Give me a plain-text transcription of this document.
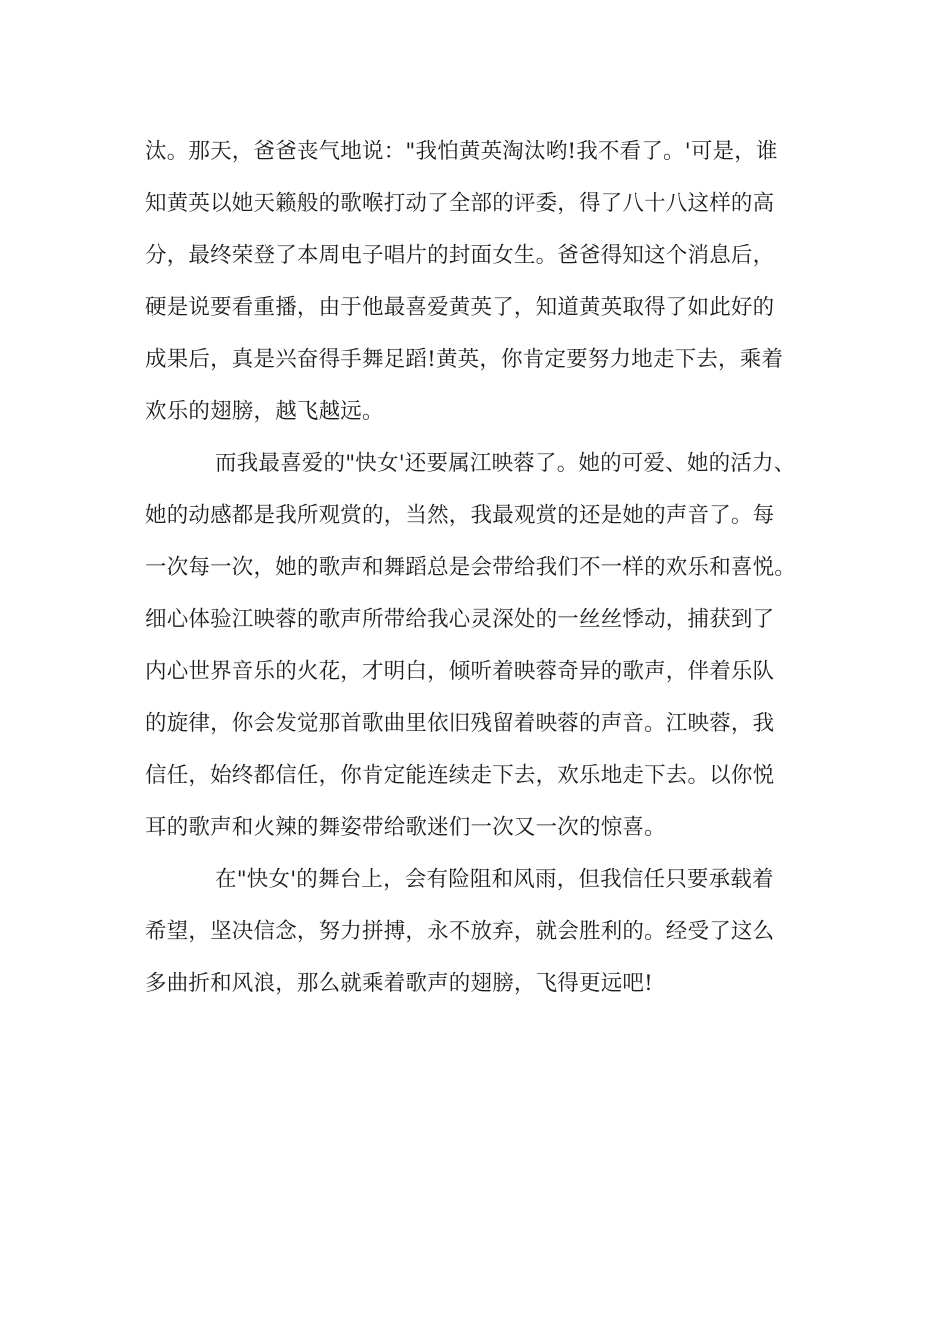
汰。那天，爸爸丧气地说："我怕黄英淘汰哟!我不看了。'可是，谁
知黄英以她天籁般的歌喉打动了全部的评委，得了八十八这样的高
分，最终荣登了本周电子唱片的封面女生。爸爸得知这个消息后，
硬是说要看重播，由于他最喜爱黄英了，知道黄英取得了如此好的
成果后，真是兴奋得手舞足蹈!黄英，你肯定要努力地走下去，乘着
欢乐的翅膀，越飞越远。
而我最喜爱的"快女'还要属江映蓉了。她的可爱、她的活力、
她的动感都是我所观赏的，当然，我最观赏的还是她的声音了。每
一次每一次，她的歌声和舞蹈总是会带给我们不一样的欢乐和喜悦。
细心体验江映蓉的歌声所带给我心灵深处的一丝丝悸动，捕获到了
内心世界音乐的火花，才明白，倾听着映蓉奇异的歌声，伴着乐队
的旋律，你会发觉那首歌曲里依旧残留着映蓉的声音。江映蓉，我
信任，始终都信任，你肯定能连续走下去，欢乐地走下去。以你悦
耳的歌声和火辣的舞姿带给歌迷们一次又一次的惊喜。
在"快女'的舞台上，会有险阻和风雨，但我信任只要承载着
希望，坚决信念，努力拼搏，永不放弃，就会胜利的。经受了这么
多曲折和风浪，那么就乘着歌声的翅膀，飞得更远吧!
